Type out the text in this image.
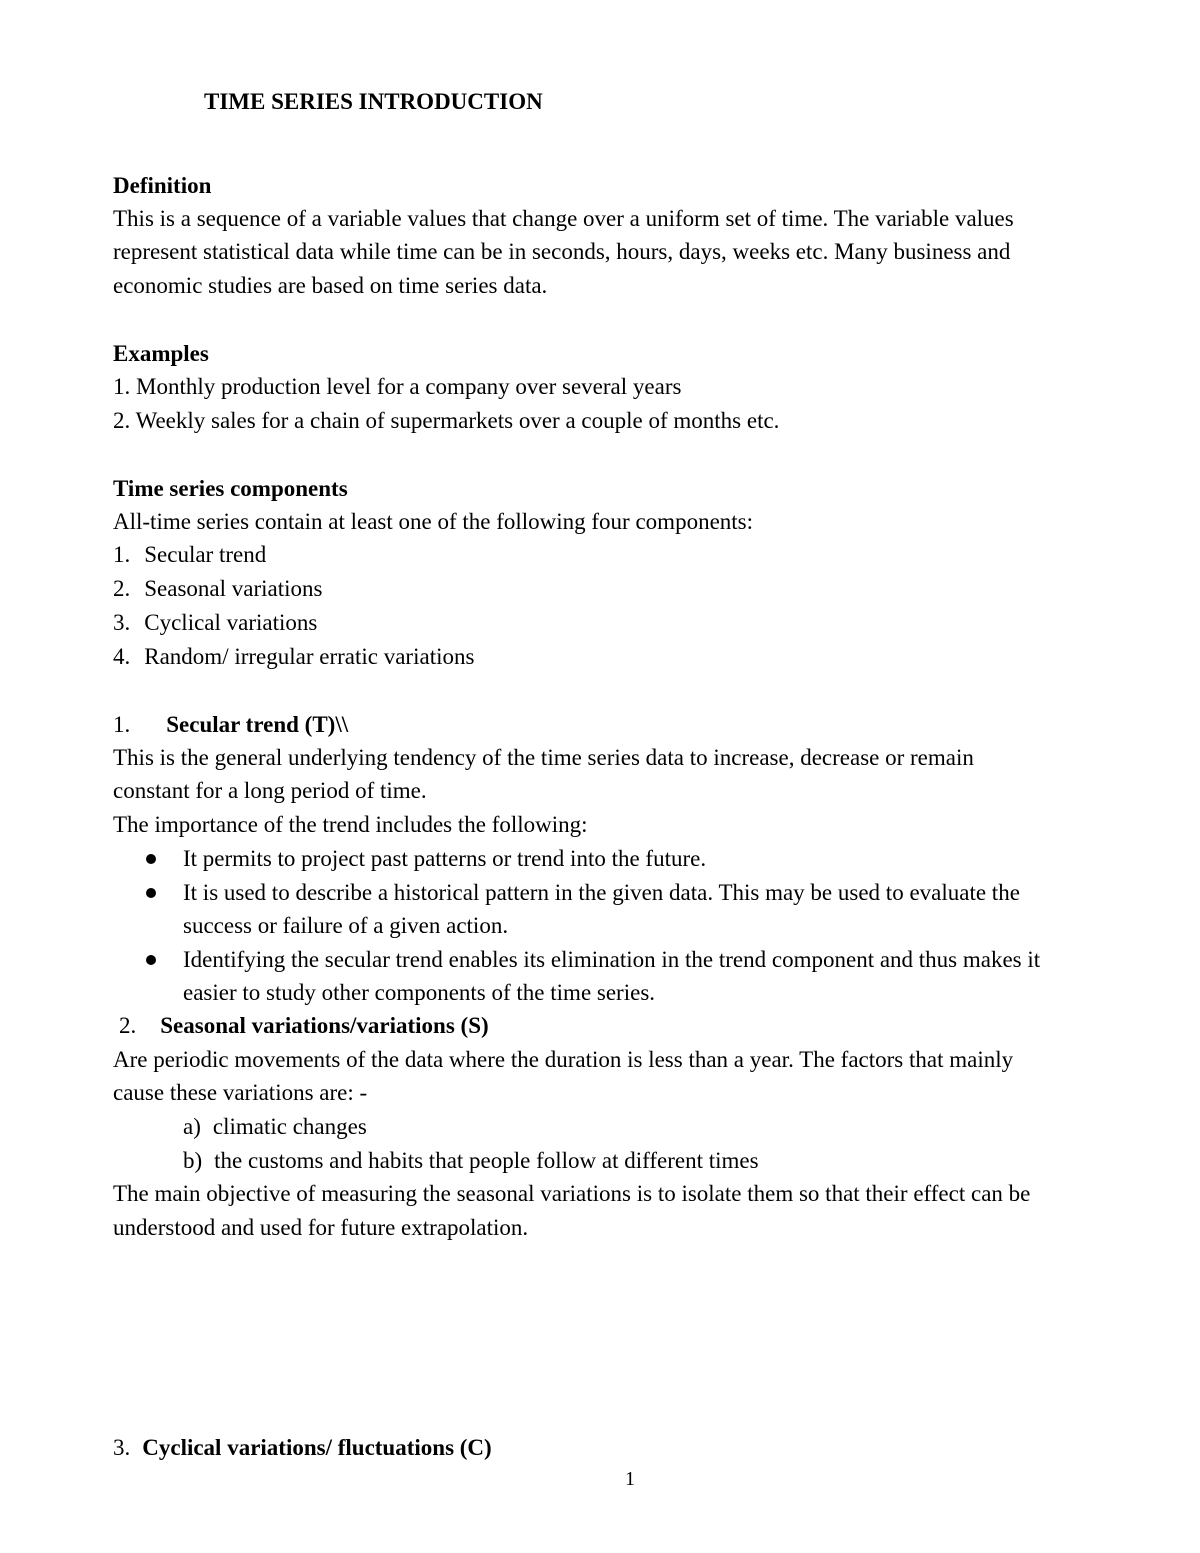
TIME SERIES INTRODUCTION
Definition
This is a sequence of a variable values that change over a uniform set of time. The variable values
represent statistical data while time can be in seconds, hours, days, weeks etc. Many business and
economic studies are based on time series data.
Examples
1. Monthly production level for a company over several years
2. Weekly sales for a chain of supermarkets over a couple of months etc.
Time series components
All-time series contain at least one of the following four components:
1. Secular trend
2. Seasonal variations
3. Cyclical variations
4. Random/ irregular erratic variations
1. Secular trend (T)\\
This is the general underlying tendency of the time series data to increase, decrease or remain
constant for a long period of time.
The importance of the trend includes the following:
It permits to project past patterns or trend into the future.
It is used to describe a historical pattern in the given data. This may be used to evaluate the
success or failure of a given action.
Identifying the secular trend enables its elimination in the trend component and thus makes it
easier to study other components of the time series.
2. Seasonal variations/variations (S)
Are periodic movements of the data where the duration is less than a year. The factors that mainly
cause these variations are: -
a) climatic changes
b) the customs and habits that people follow at different times
The main objective of measuring the seasonal variations is to isolate them so that their effect can be
understood and used for future extrapolation.
3. Cyclical variations/ fluctuations (C)
1
